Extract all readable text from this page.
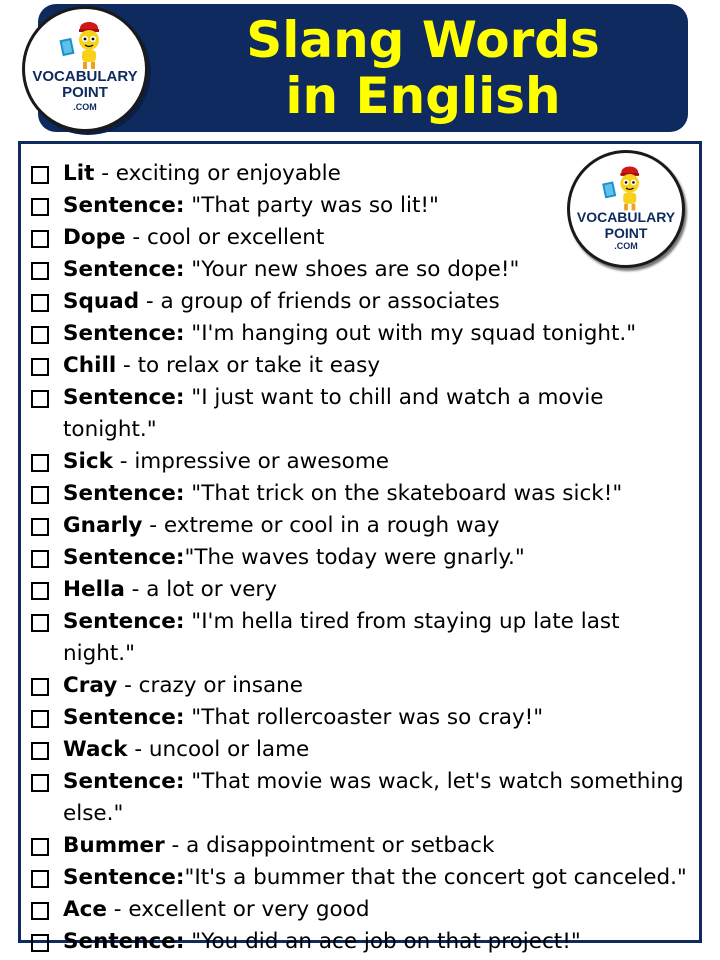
Slang Words
in English
VOCABULARY
POINT
.COM
VOCABULARY
POINT
.COM
Lit - exciting or enjoyable
Sentence: "That party was so lit!"
Dope - cool or excellent
Sentence: "Your new shoes are so dope!"
Squad - a group of friends or associates
Sentence: "I'm hanging out with my squad tonight."
Chill - to relax or take it easy
Sentence: "I just want to chill and watch a movie tonight."
Sick - impressive or awesome
Sentence: "That trick on the skateboard was sick!"
Gnarly - extreme or cool in a rough way
Sentence:"The waves today were gnarly."
Hella - a lot or very
Sentence: "I'm hella tired from staying up late last night."
Cray - crazy or insane
Sentence: "That rollercoaster was so cray!"
Wack - uncool or lame
Sentence: "That movie was wack, let's watch something else."
Bummer - a disappointment or setback
Sentence:"It's a bummer that the concert got canceled."
Ace - excellent or very good
Sentence: "You did an ace job on that project!"
